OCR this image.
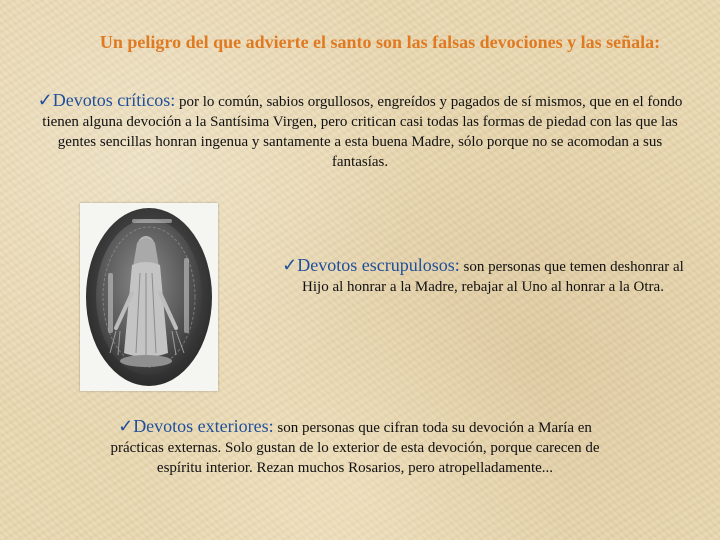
Un peligro del que advierte el santo son las falsas devociones y las señala:
✓Devotos críticos: por lo común, sabios orgullosos, engreídos y pagados de sí mismos, que en el fondo tienen alguna devoción a la Santísima Virgen, pero critican casi todas las formas de piedad con las que las gentes sencillas honran ingenua y santamente a esta buena Madre, sólo porque no se acomodan a sus fantasías.
✓Devotos escrupulosos: son personas que temen deshonrar al Hijo al honrar a la Madre, rebajar al Uno al honrar a la Otra.
✓Devotos exteriores: son personas que cifran toda su devoción a María en prácticas externas. Solo gustan de lo exterior de esta devoción, porque carecen de espíritu interior. Rezan muchos Rosarios, pero atropelladamente...
